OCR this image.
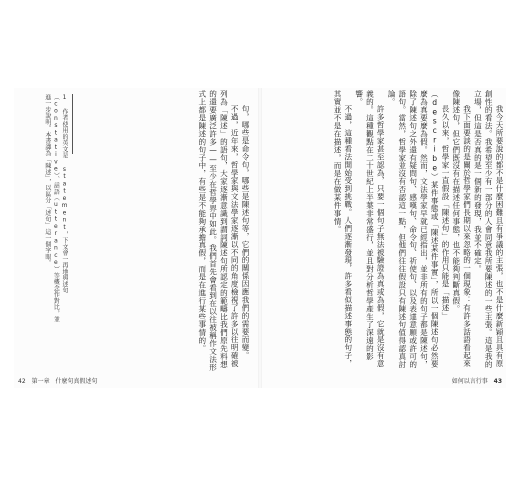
句，哪些是命令句，哪些是陳述句等，它們的關係因應我們的需要而變。

不過，近年來，哲學家與文法學家逐漸以不同的角度檢視了許多以往明確被列為「陳述」的語句，大家逐漸意識到謂詞陳述句所認定的範疇比我們原先料想的還要廣泛許多——至少在哲學界中如此。我們首先會看到在以往被稱作文法形式上都是陳述的句子中，有些是不能夠承擔真假，而是在進行某些事情的。

1 作者使用的英文是 statement，下文會一再地與述句（constative）、話語（utterance）等概念作對比，並進一步說明。本書譯為「陳述」，以區分「述句」這一個字眼。
42 第一章 什麼句真假述句

我今天所要說的都不是什麼困難且有爭議的主張，也不是什麼新穎且具有原創性的看法。我希望至少有一部分的人會同意我所要陳述的一些主張。這是我的立場，但這是否真的是一個新的發現，我並不確定。

我下面要談的是關於哲學家們長期以來忽略的一個現象：有許多話語看起來像陳述句，但它們既沒有在描述任何事態，也不能夠判斷真假。

長久以來，哲學家一直假設「陳述句」的作用只能是「描述」（describe）某件事態或「陳述某件事實」，所以一個陳述句必然要麼為真要麼為假。然而，文法學家早就已經指出，並非所有的句子都是陳述句，除了陳述句之外還有疑問句、感嘆句、命令句、祈使句、以及表達意願或許可的語句。當然，哲學家並沒有否認這一點，但他們往往假設只有陳述句值得認真討論。

許多哲學家甚至認為，只要一個句子無法被驗證為真或為假，它就是沒有意義的。這種觀點在二十世紀上半葉非常盛行，並且對分析哲學產生了深遠的影響。

不過，這種看法開始受到挑戰。人們逐漸發現，許多看似描述事態的句子，其實並不是在描述，而是在做某件事情。

如何以言行事 43
